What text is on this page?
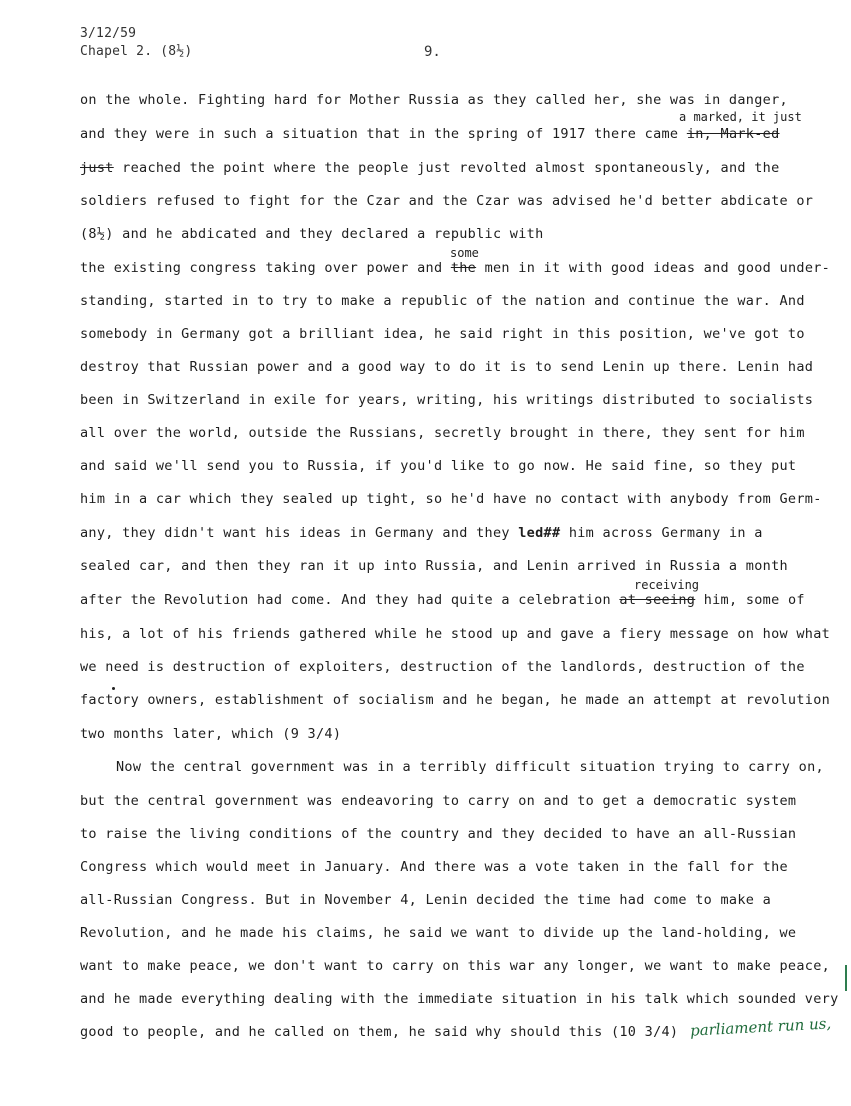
3/12/59
Chapel 2. (8½)	9.
on the whole. Fighting hard for Mother Russia as they called her, she was in danger,
and they were in such a situation that in the spring of 1917 there came in, Mark-ed
a marked, it just
just reached the point where the people just revolted almost spontaneously, and the
soldiers refused to fight for the Czar and the Czar was advised he'd better abdicate or
(8½) and he abdicated and they declared a republic with
the existing congress taking over power and the men in it with good ideas and good under-
some
standing, started in to try to make a republic of the nation and continue the war. And
somebody in Germany got a brilliant idea, he said right in this position, we've got to
destroy that Russian power and a good way to do it is to send Lenin up there. Lenin had
been in Switzerland in exile for years, writing, his writings distributed to socialists
all over the world, outside the Russians, secretly brought in there, they sent for him
and said we'll send you to Russia, if you'd like to go now. He said fine, so they put
him in a car which they sealed up tight, so he'd have no contact with anybody from Germ-
any, they didn't want his ideas in Germany and they led## him across Germany in a
sealed car, and then they ran it up into Russia, and Lenin arrived in Russia a month
after the Revolution had come. And they had quite a celebration at seeing him, some of
receiving
his, a lot of his friends gathered while he stood up and gave a fiery message on how what
we need is destruction of exploiters, destruction of the landlords, destruction of the
factory owners, establishment of socialism and he began, he made an attempt at revolution
two months later, which (9 3/4)
Now the central government was in a terribly difficult situation trying to carry on,
but the central government was endeavoring to carry on and to get a democratic system
to raise the living conditions of the country and they decided to have an all-Russian
Congress which would meet in January. And there was a vote taken in the fall for the
all-Russian Congress. But in November 4, Lenin decided the time had come to make a
Revolution, and he made his claims, he said we want to divide up the land-holding, we
want to make peace, we don't want to carry on this war any longer, we want to make peace,
and he made everything dealing with the immediate situation in his talk which sounded very
good to people, and he called on them, he said why should this (10 3/4) parliament run us,
